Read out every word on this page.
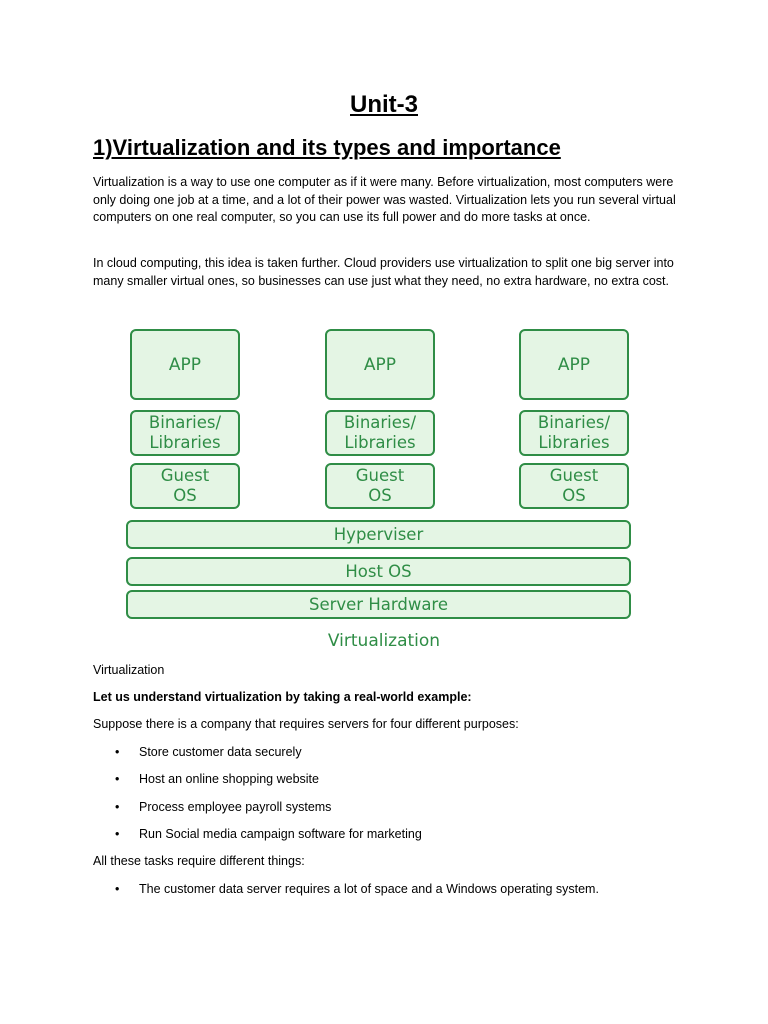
Unit-3
1)Virtualization and its types and importance
Virtualization is a way to use one computer as if it were many. Before virtualization, most computers were only doing one job at a time, and a lot of their power was wasted. Virtualization lets you run several virtual computers on one real computer, so you can use its full power and do more tasks at once.
In cloud computing, this idea is taken further. Cloud providers use virtualization to split one big server into many smaller virtual ones, so businesses can use just what they need, no extra hardware, no extra cost.
APP	APP	APP
Binaries/
Libraries
Binaries/
Libraries
Binaries/
Libraries
Guest
OS
Guest
OS
Guest
OS
Hyperviser
Host OS
Server Hardware
Virtualization
Virtualization
Let us understand virtualization by taking a real-world example:
Suppose there is a company that requires servers for four different purposes:
• Store customer data securely
• Host an online shopping website
• Process employee payroll systems
• Run Social media campaign software for marketing
All these tasks require different things:
• The customer data server requires a lot of space and a Windows operating system.
